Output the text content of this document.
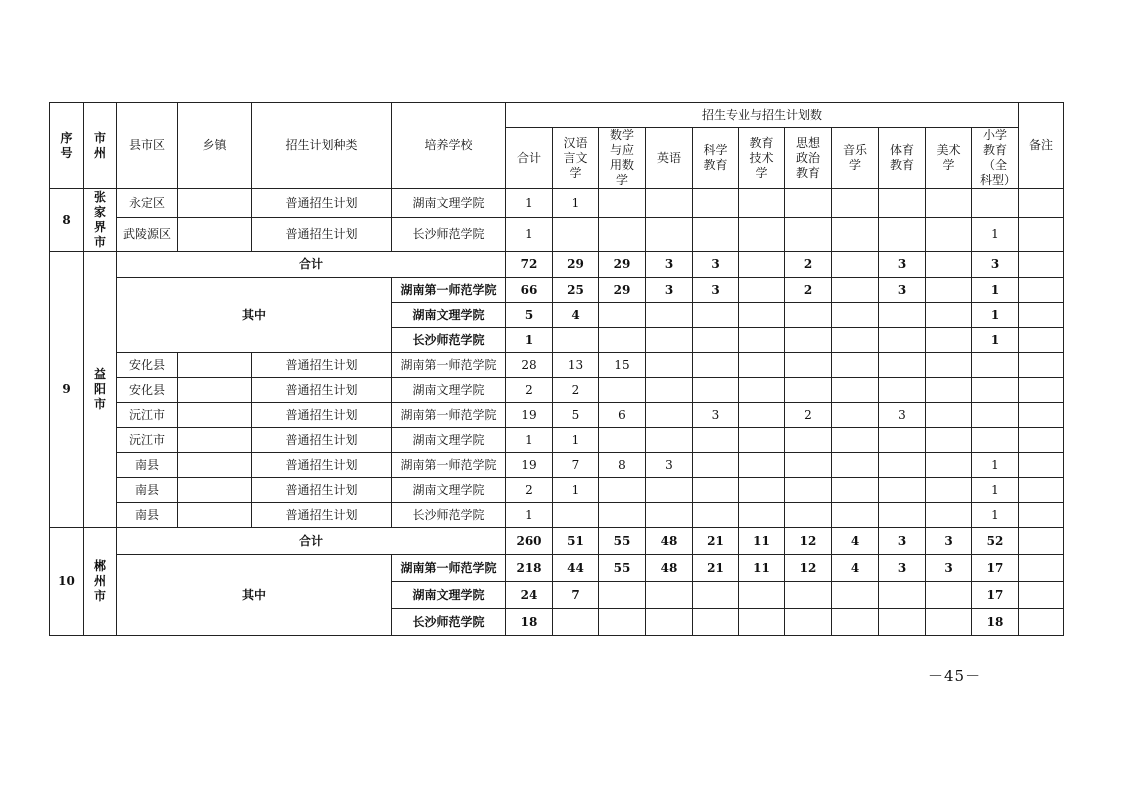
序号	市州	县市区	乡镇	招生计划种类	培养学校	招生专业与招生计划数											备注
						合计	汉语言文学	数学与应用数学	英语	科学教育	教育技术学	思想政治教育	音乐学	体育教育	美术学	小学教育（全科型）	
8	张家界市	永定区		普通招生计划	湖南文理学院	1	1										
		武陵源区		普通招生计划	长沙师范学院	1										1	
9	益阳市	合计				72	29	29	3	3		2		3		3	
		其中			湖南第一师范学院	66	25	29	3	3		2		3		1	
					湖南文理学院	5	4									1	
					长沙师范学院	1										1	
		安化县		普通招生计划	湖南第一师范学院	28	13	15									
		安化县		普通招生计划	湖南文理学院	2	2										
		沅江市		普通招生计划	湖南第一师范学院	19	5	6		3		2		3			
		沅江市		普通招生计划	湖南文理学院	1	1										
		南县		普通招生计划	湖南第一师范学院	19	7	8	3							1	
		南县		普通招生计划	湖南文理学院	2	1									1	
		南县		普通招生计划	长沙师范学院	1										1	
10	郴州市	合计				260	51	55	48	21	11	12	4	3	3	52	
		其中			湖南第一师范学院	218	44	55	48	21	11	12	4	3	3	17	
					湖南文理学院	24	7									17	
					长沙师范学院	18										18	
－45－
